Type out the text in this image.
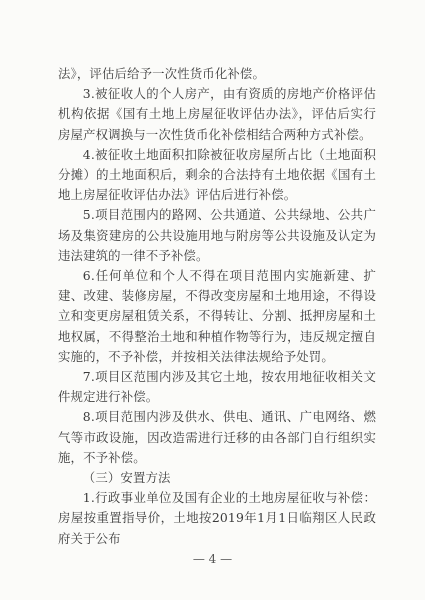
法》，评估后给予一次性货币化补偿。

3.被征收人的个人房产，由有资质的房地产价格评估机构依据《国有土地上房屋征收评估办法》，评估后实行房屋产权调换与一次性货币化补偿相结合两种方式补偿。

4.被征收土地面积扣除被征收房屋所占比（土地面积分摊）的土地面积后，剩余的合法持有土地依据《国有土地上房屋征收评估办法》评估后进行补偿。

5.项目范围内的路网、公共通道、公共绿地、公共广场及集资建房的公共设施用地与附房等公共设施及认定为违法建筑的一律不予补偿。

6.任何单位和个人不得在项目范围内实施新建、扩建、改建、装修房屋，不得改变房屋和土地用途，不得设立和变更房屋租赁关系，不得转让、分割、抵押房屋和土地权属，不得整治土地和种植作物等行为，违反规定擅自实施的，不予补偿，并按相关法律法规给予处罚。

7.项目区范围内涉及其它土地，按农用地征收相关文件规定进行补偿。

8.项目范围内涉及供水、供电、通讯、广电网络、燃气等市政设施，因改造需进行迁移的由各部门自行组织实施，不予补偿。

（三）安置方法

1.行政事业单位及国有企业的土地房屋征收与补偿：房屋按重置指导价，土地按2019年1月1日临翔区人民政府关于公布

— 4 —
